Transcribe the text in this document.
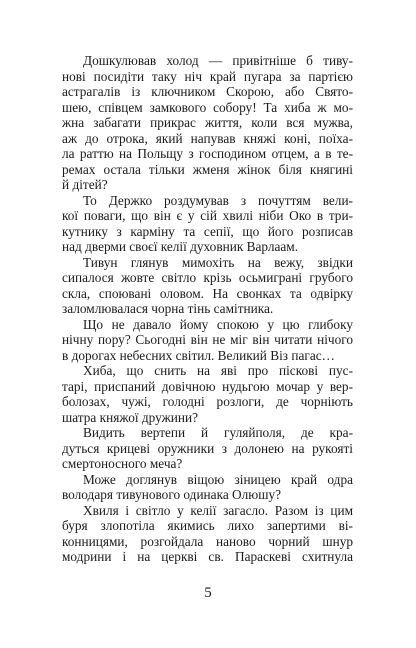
Дошкулював холод — привітніше б тиву-
нові посидіти таку ніч край пугара за партією
астрагалів із ключником Скорою, або Свято-
шею, співцем замкового собору! Та хиба ж мо-
жна забагати прикрас життя, коли вся мужва,
аж до отрока, який напував княжі коні, поїха-
ла раттю на Польщу з господином отцем, а в те-
ремах остала тільки жменя жінок біля княгині
й дітей?
То Держко роздумував з почуттям вели-
кої поваги, що він є у сій хвилі ніби Око в три-
кутнику з карміну та сепії, що його розписав
над дверми своєї келії духовник Варлаам.
Тивун глянув мимохіть на вежу, звідки
сипалося жовте світло крізь осьмиграні грубого
скла, споювані оловом. На свонках та одвірку
заломлювалася чорна тінь самітника.
Що не давало йому спокою у цю глибоку
нічну пору? Сьогодні він не міг він читати нічого
в дорогах небесних світил. Великий Віз пагас…
Хиба, що снить на яві про піскові пус-
тарі, приспаний довічною нудьгою мочар у вер-
болозах, чужі, голодні розлоги, де чорніють
шатра княжої дружини?
Видить вертепи й гуляйполя, де кра-
дуться крицеві оружники з долонею на рукояті
смертоносного меча?
Може доглянув віщою зіницею край одра
володаря тивунового одинака Олюшу?
Хвиля і світло у келії загасло. Разом із цим
буря злопотіла якимись лихо запертими ві-
конницями, розгойдала наново чорний шнур
модрини і на церкві св. Параскеві схитнула
5
